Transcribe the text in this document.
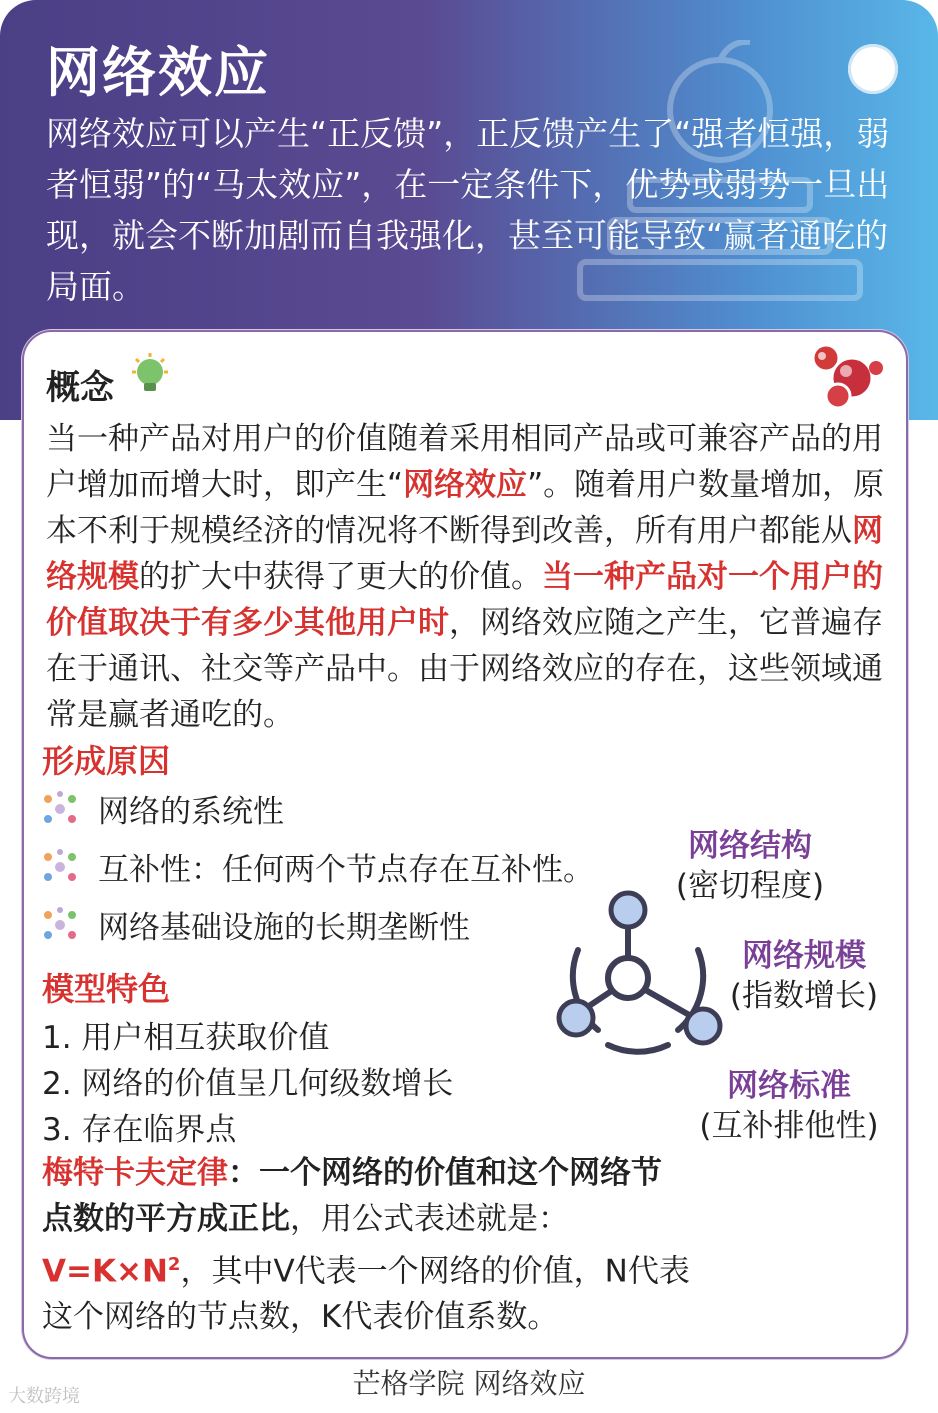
网络效应
网络效应可以产生“正反馈”，正反馈产生了“强者恒强，弱者恒弱”的“马太效应”，在一定条件下，优势或弱势一旦出现，就会不断加剧而自我强化，甚至可能导致“赢者通吃的局面。
概念
当一种产品对用户的价值随着采用相同产品或可兼容产品的用户增加而增大时，即产生“网络效应”。随着用户数量增加，原本不利于规模经济的情况将不断得到改善，所有用户都能从网络规模的扩大中获得了更大的价值。当一种产品对一个用户的价值取决于有多少其他用户时，网络效应随之产生，它普遍存在于通讯、社交等产品中。由于网络效应的存在，这些领域通常是赢者通吃的。
形成原因
网络的系统性
互补性：任何两个节点存在互补性。
网络基础设施的长期垄断性
模型特色
1. 用户相互获取价值
2. 网络的价值呈几何级数增长
3. 存在临界点
梅特卡夫定律：一个网络的价值和这个网络节点数的平方成正比，用公式表述就是：$V=K\times N^2$，其中V代表一个网络的价值，N代表这个网络的节点数，K代表价值系数。
网络结构
(密切程度)
网络规模
(指数增长)
网络标准
(互补排他性)
芒格学院 网络效应
大数跨境
